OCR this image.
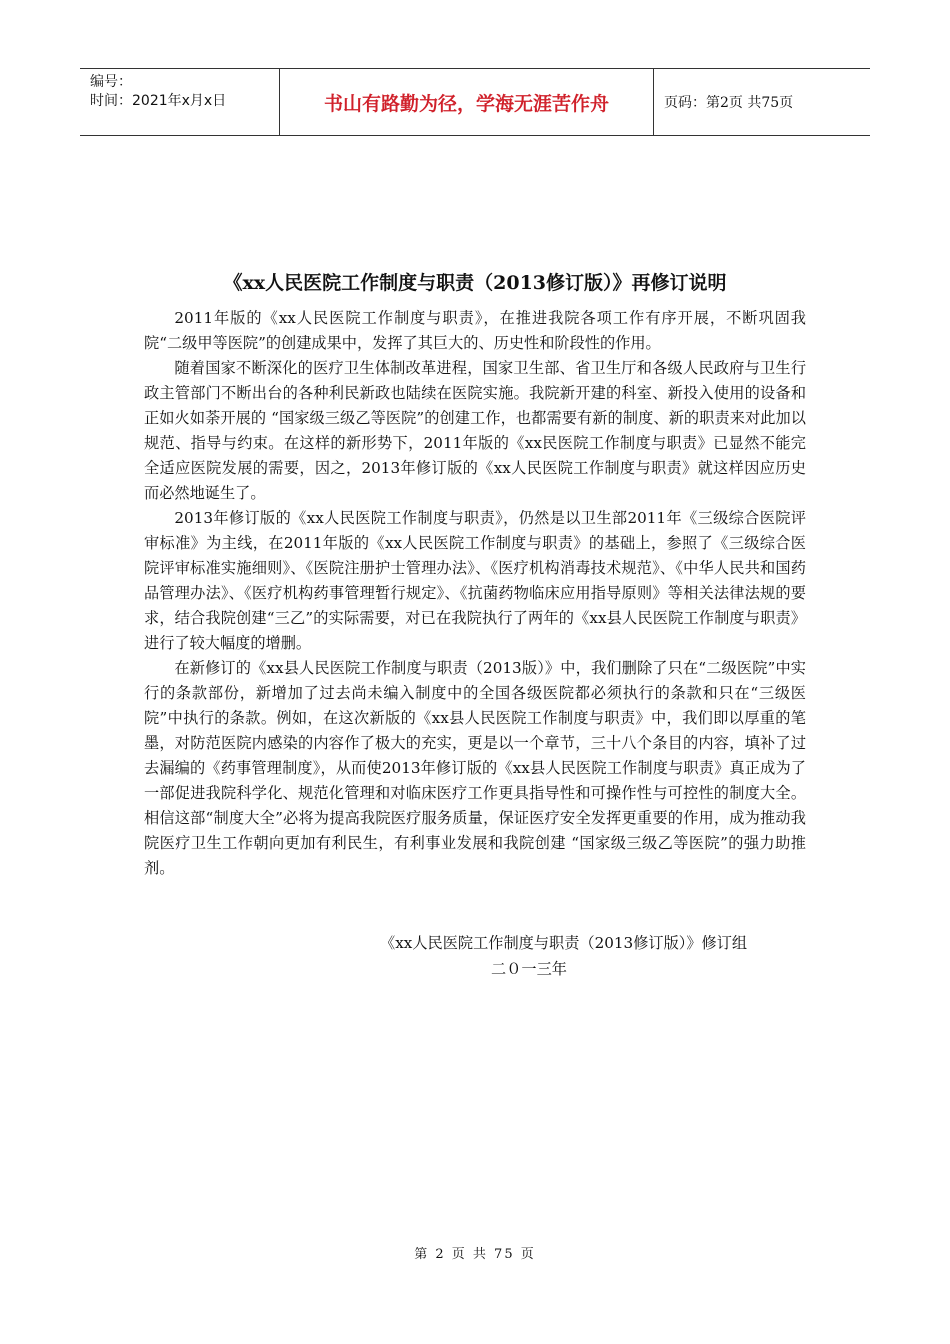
编号：
时间：2021年x月x日	书山有路勤为径，学海无涯苦作舟	页码：第2页 共75页
《xx人民医院工作制度与职责（2013修订版）》再修订说明

2011年版的《xx人民医院工作制度与职责》，在推进我院各项工作有序开展，不断巩固我院“二级甲等医院”的创建成果中，发挥了其巨大的、历史性和阶段性的作用。

随着国家不断深化的医疗卫生体制改革进程，国家卫生部、省卫生厅和各级人民政府与卫生行政主管部门不断出台的各种利民新政也陆续在医院实施。我院新开建的科室、新投入使用的设备和正如火如荼开展的 “国家级三级乙等医院”的创建工作，也都需要有新的制度、新的职责来对此加以规范、指导与约束。在这样的新形势下，2011年版的《xx民医院工作制度与职责》已显然不能完全适应医院发展的需要，因之，2013年修订版的《xx人民医院工作制度与职责》就这样因应历史而必然地诞生了。

2013年修订版的《xx人民医院工作制度与职责》，仍然是以卫生部2011年《三级综合医院评审标准》为主线，在2011年版的《xx人民医院工作制度与职责》的基础上，参照了《三级综合医院评审标准实施细则》、《医院注册护士管理办法》、《医疗机构消毒技术规范》、《中华人民共和国药品管理办法》、《医疗机构药事管理暂行规定》、《抗菌药物临床应用指导原则》等相关法律法规的要求，结合我院创建“三乙”的实际需要，对已在我院执行了两年的《xx县人民医院工作制度与职责》进行了较大幅度的增删。

在新修订的《xx县人民医院工作制度与职责（2013版）》中，我们删除了只在“二级医院”中实行的条款部份，新增加了过去尚未编入制度中的全国各级医院都必须执行的条款和只在“三级医院”中执行的条款。例如，在这次新版的《xx县人民医院工作制度与职责》中，我们即以厚重的笔墨，对防范医院内感染的内容作了极大的充实，更是以一个章节，三十八个条目的内容，填补了过去漏编的《药事管理制度》，从而使2013年修订版的《xx县人民医院工作制度与职责》真正成为了一部促进我院科学化、规范化管理和对临床医疗工作更具指导性和可操作性与可控性的制度大全。相信这部“制度大全”必将为提高我院医疗服务质量，保证医疗安全发挥更重要的作用，成为推动我院医疗卫生工作朝向更加有利民生，有利事业发展和我院创建 “国家级三级乙等医院”的强力助推剂。

《xx人民医院工作制度与职责（2013修订版）》修订组
二０一三年
第 2 页 共 75 页
